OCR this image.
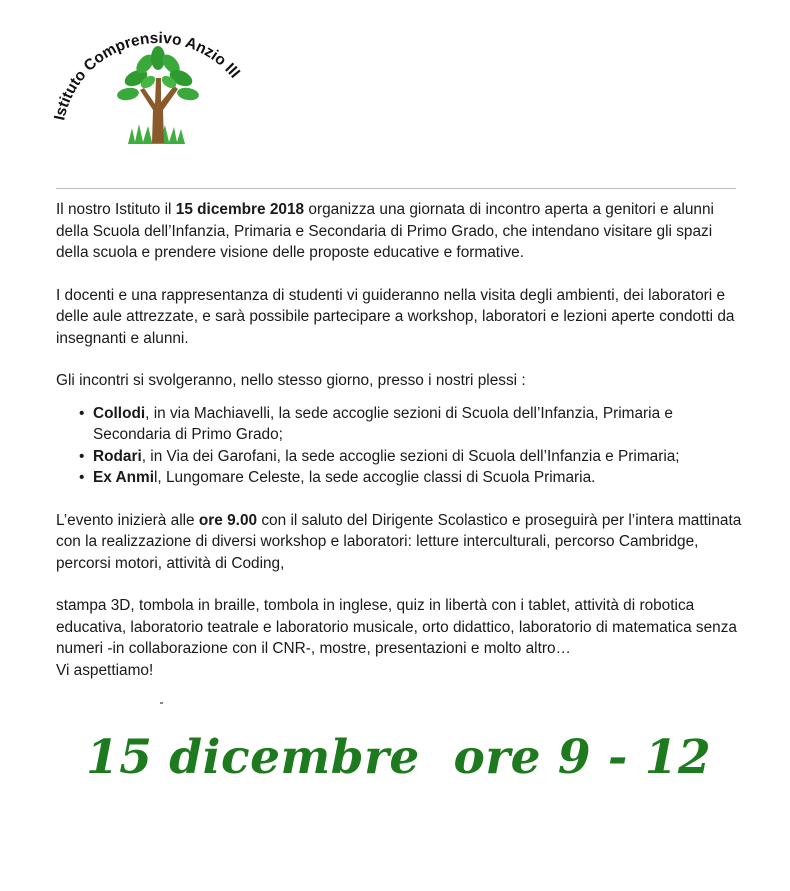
Istituto Comprensivo Anzio III

Il nostro Istituto il 15 dicembre 2018 organizza una giornata di incontro aperta a genitori e alunni della Scuola dell’Infanzia, Primaria e Secondaria di Primo Grado, che intendano visitare gli spazi della scuola e prendere visione delle proposte educative e formative.

I docenti e una rappresentanza di studenti vi guideranno nella visita degli ambienti, dei laboratori e delle aule attrezzate, e sarà possibile partecipare a workshop, laboratori e lezioni aperte condotti da insegnanti e alunni.

Gli incontri si svolgeranno, nello stesso giorno, presso i nostri plessi :

• Collodi, in via Machiavelli, la sede accoglie sezioni di Scuola dell’Infanzia, Primaria e Secondaria di Primo Grado;
• Rodari, in Via dei Garofani, la sede accoglie sezioni di Scuola dell’Infanzia e Primaria;
• Ex Anmil, Lungomare Celeste, la sede accoglie classi di Scuola Primaria.

L’evento inizierà alle ore 9.00 con il saluto del Dirigente Scolastico e proseguirà per l’intera mattinata con la realizzazione di diversi workshop e laboratori: letture interculturali, percorso Cambridge, percorsi motori, attività di Coding,

stampa 3D, tombola in braille, tombola in inglese, quiz in libertà con i tablet, attività di robotica educativa, laboratorio teatrale e laboratorio musicale, orto didattico, laboratorio di matematica senza numeri -in collaborazione con il CNR-, mostre, presentazioni e molto altro…

Vi aspettiamo!

15 dicembre  ore 9 - 12
